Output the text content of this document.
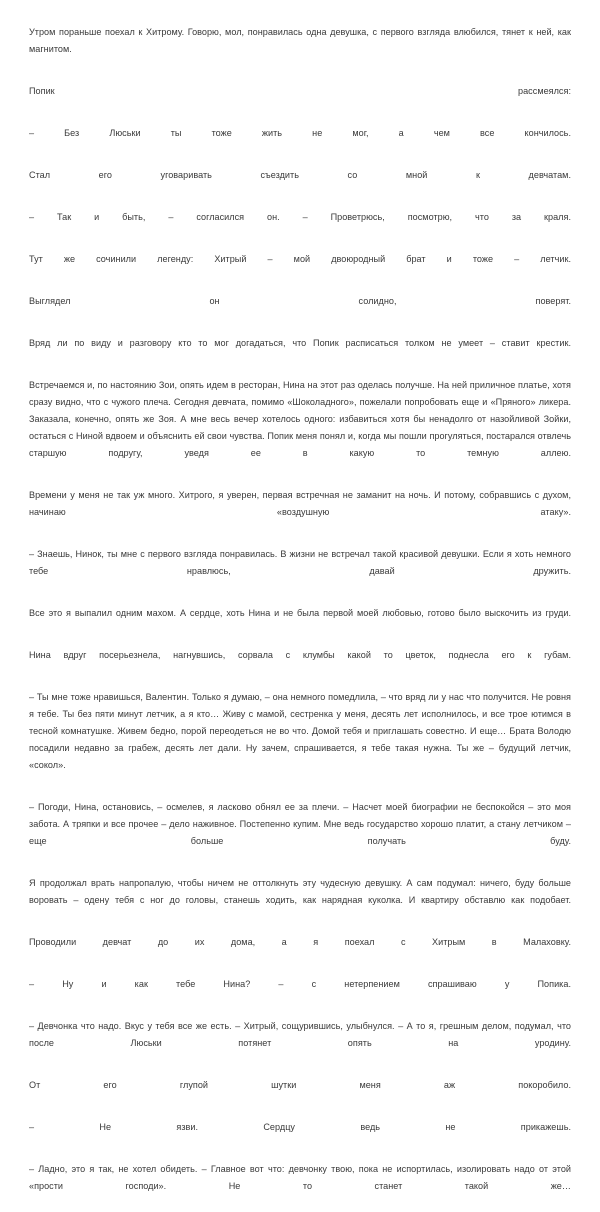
Утром пораньше поехал к Хитрому. Говорю, мол, понравилась одна девушка, с первого взгляда влюбился, тянет к ней, как магнитом.

Попик рассмеялся:

– Без Люськи ты тоже жить не мог, а чем все кончилось.

Стал его уговаривать съездить со мной к девчатам.

– Так и быть, – согласился он. – Проветрюсь, посмотрю, что за краля.

Тут же сочинили легенду: Хитрый – мой двоюродный брат и тоже – летчик.

Выглядел он солидно, поверят.

Вряд ли по виду и разговору кто то мог догадаться, что Попик расписаться толком не умеет – ставит крестик.

Встречаемся и, по настоянию Зои, опять идем в ресторан, Нина на этот раз оделась получше. На ней приличное платье, хотя сразу видно, что с чужого плеча. Сегодня девчата, помимо «Шоколадного», пожелали попробовать еще и «Пряного» ликера. Заказала, конечно, опять же Зоя. А мне весь вечер хотелось одного: избавиться хотя бы ненадолго от назойливой Зойки, остаться с Ниной вдвоем и объяснить ей свои чувства. Попик меня понял и, когда мы пошли прогуляться, постарался отвлечь старшую подругу, уведя ее в какую то темную аллею.

Времени у меня не так уж много. Хитрого, я уверен, первая встречная не заманит на ночь. И потому, собравшись с духом, начинаю «воздушную атаку».

– Знаешь, Нинок, ты мне с первого взгляда понравилась. В жизни не встречал такой красивой девушки. Если я хоть немного тебе нравлюсь, давай дружить.

Все это я выпалил одним махом. А сердце, хоть Нина и не была первой моей любовью, готово было выскочить из груди.

Нина вдруг посерьезнела, нагнувшись, сорвала с клумбы какой то цветок, поднесла его к губам.

– Ты мне тоже нравишься, Валентин. Только я думаю, – она немного помедлила, – что вряд ли у нас что получится. Не ровня я тебе. Ты без пяти минут летчик, а я кто… Живу с мамой, сестренка у меня, десять лет исполнилось, и все трое ютимся в тесной комнатушке. Живем бедно, порой переодеться не во что. Домой тебя и приглашать совестно. И еще… Брата Володю посадили недавно за грабеж, десять лет дали. Ну зачем, спрашивается, я тебе такая нужна. Ты же – будущий летчик, «сокол».

– Погоди, Нина, остановись, – осмелев, я ласково обнял ее за плечи. – Насчет моей биографии не беспокойся – это моя забота. А тряпки и все прочее – дело наживное. Постепенно купим. Мне ведь государство хорошо платит, а стану летчиком – еще больше получать буду.

Я продолжал врать напропалую, чтобы ничем не оттолкнуть эту чудесную девушку. А сам подумал: ничего, буду больше воровать – одену тебя с ног до головы, станешь ходить, как нарядная куколка. И квартиру обставлю как подобает.

Проводили девчат до их дома, а я поехал с Хитрым в Малаховку.

– Ну и как тебе Нина? – с нетерпением спрашиваю у Попика.

– Девчонка что надо. Вкус у тебя все же есть. – Хитрый, сощурившись, улыбнулся. – А то я, грешным делом, подумал, что после Люськи потянет опять на уродину.

От его глупой шутки меня аж покоробило.

– Не язви. Сердцу ведь не прикажешь.

– Ладно, это я так, не хотел обидеть. – Главное вот что: девчонку твою, пока не испортилась, изолировать надо от этой «прости господи». Не то станет такой же…
